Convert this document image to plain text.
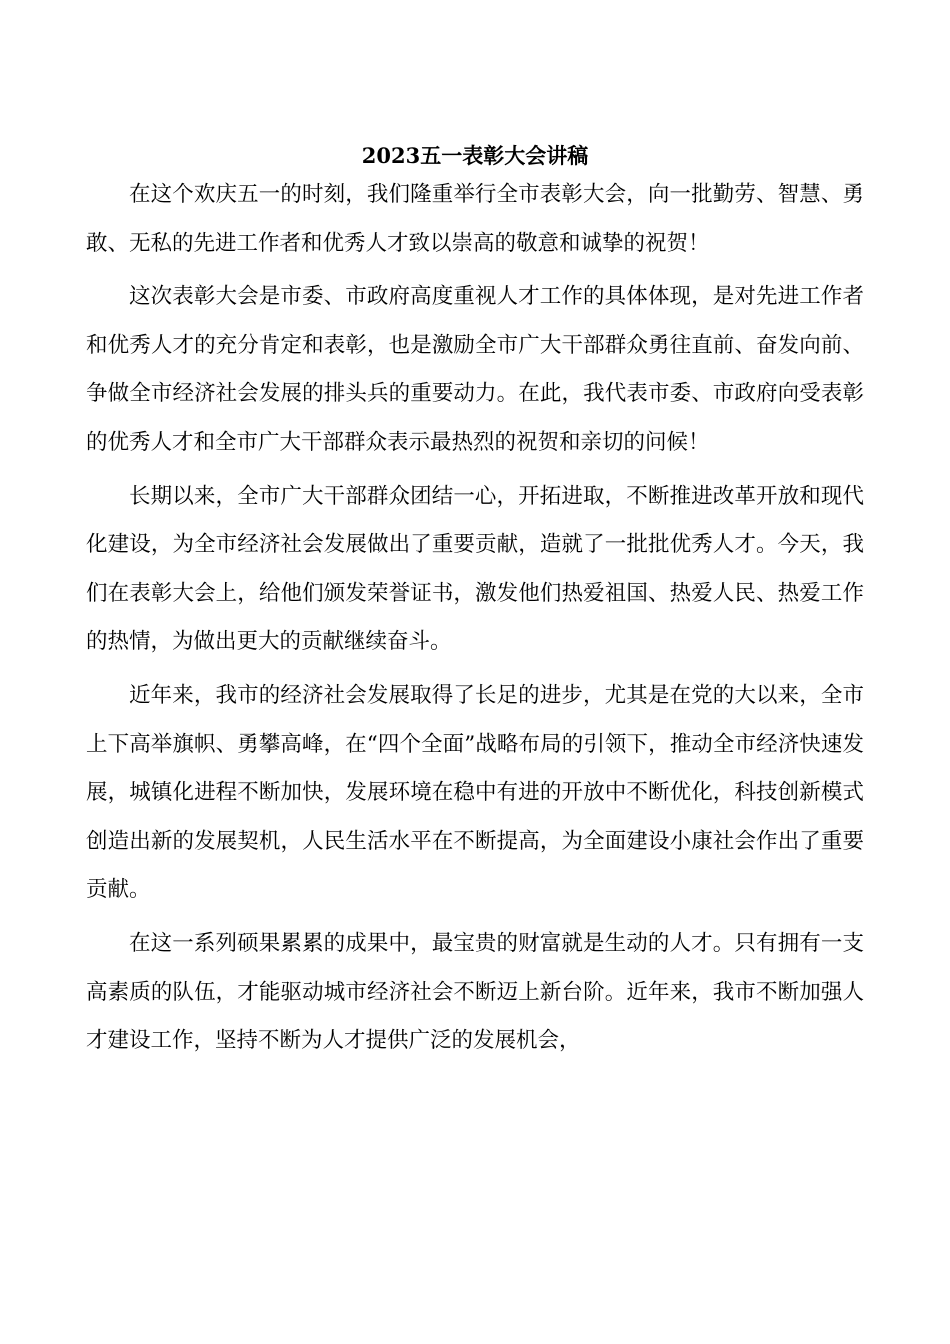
2023五一表彰大会讲稿

在这个欢庆五一的时刻，我们隆重举行全市表彰大会，向一批勤劳、智慧、勇敢、无私的先进工作者和优秀人才致以崇高的敬意和诚挚的祝贺！

这次表彰大会是市委、市政府高度重视人才工作的具体体现，是对先进工作者和优秀人才的充分肯定和表彰，也是激励全市广大干部群众勇往直前、奋发向前、争做全市经济社会发展的排头兵的重要动力。在此，我代表市委、市政府向受表彰的优秀人才和全市广大干部群众表示最热烈的祝贺和亲切的问候！

长期以来，全市广大干部群众团结一心，开拓进取，不断推进改革开放和现代化建设，为全市经济社会发展做出了重要贡献，造就了一批批优秀人才。今天，我们在表彰大会上，给他们颁发荣誉证书，激发他们热爱祖国、热爱人民、热爱工作的热情，为做出更大的贡献继续奋斗。

近年来，我市的经济社会发展取得了长足的进步，尤其是在党的大以来，全市上下高举旗帜、勇攀高峰，在“四个全面”战略布局的引领下，推动全市经济快速发展，城镇化进程不断加快，发展环境在稳中有进的开放中不断优化，科技创新模式创造出新的发展契机，人民生活水平在不断提高，为全面建设小康社会作出了重要贡献。

在这一系列硕果累累的成果中，最宝贵的财富就是生动的人才。只有拥有一支高素质的队伍，才能驱动城市经济社会不断迈上新台阶。近年来，我市不断加强人才建设工作，坚持不断为人才提供广泛的发展机会，
